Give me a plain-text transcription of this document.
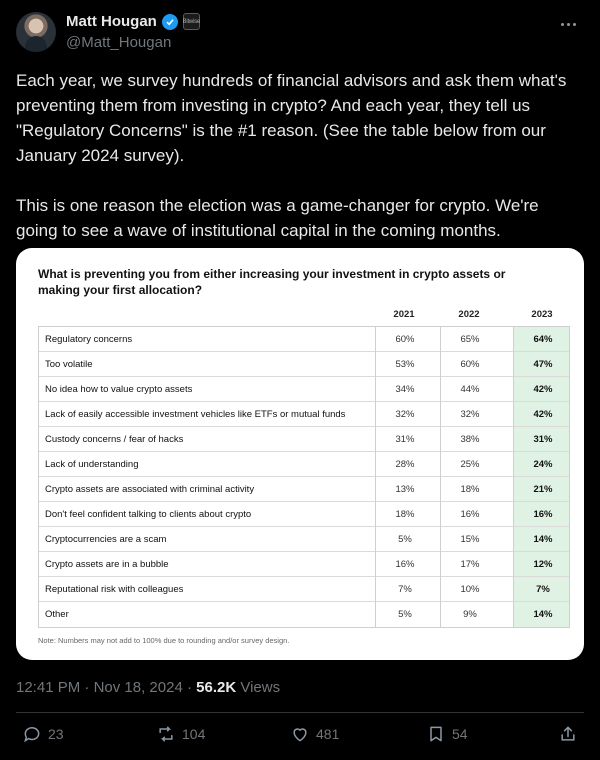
Matt Hougan	Bitwise
@Matt_Hougan
Each year, we survey hundreds of financial advisors and ask them what's preventing them from investing in crypto? And each year, they tell us "Regulatory Concerns" is the #1 reason. (See the table below from our January 2024 survey).

This is one reason the election was a game-changer for crypto. We're going to see a wave of institutional capital in the coming months.
What is preventing you from either increasing your investment in crypto assets or making your first allocation?
2021	2022	2023
Regulatory concerns	60%	65%	64%
Too volatile	53%	60%	47%
No idea how to value crypto assets	34%	44%	42%
Lack of easily accessible investment vehicles like ETFs or mutual funds	32%	32%	42%
Custody concerns / fear of hacks	31%	38%	31%
Lack of understanding	28%	25%	24%
Crypto assets are associated with criminal activity	13%	18%	21%
Don't feel confident talking to clients about crypto	18%	16%	16%
Cryptocurrencies are a scam	5%	15%	14%
Crypto assets are in a bubble	16%	17%	12%
Reputational risk with colleagues	7%	10%	7%
Other	5%	9%	14%
Note: Numbers may not add to 100% due to rounding and/or survey design.
12:41 PM · Nov 18, 2024 · 56.2K Views
23	104	481	54
